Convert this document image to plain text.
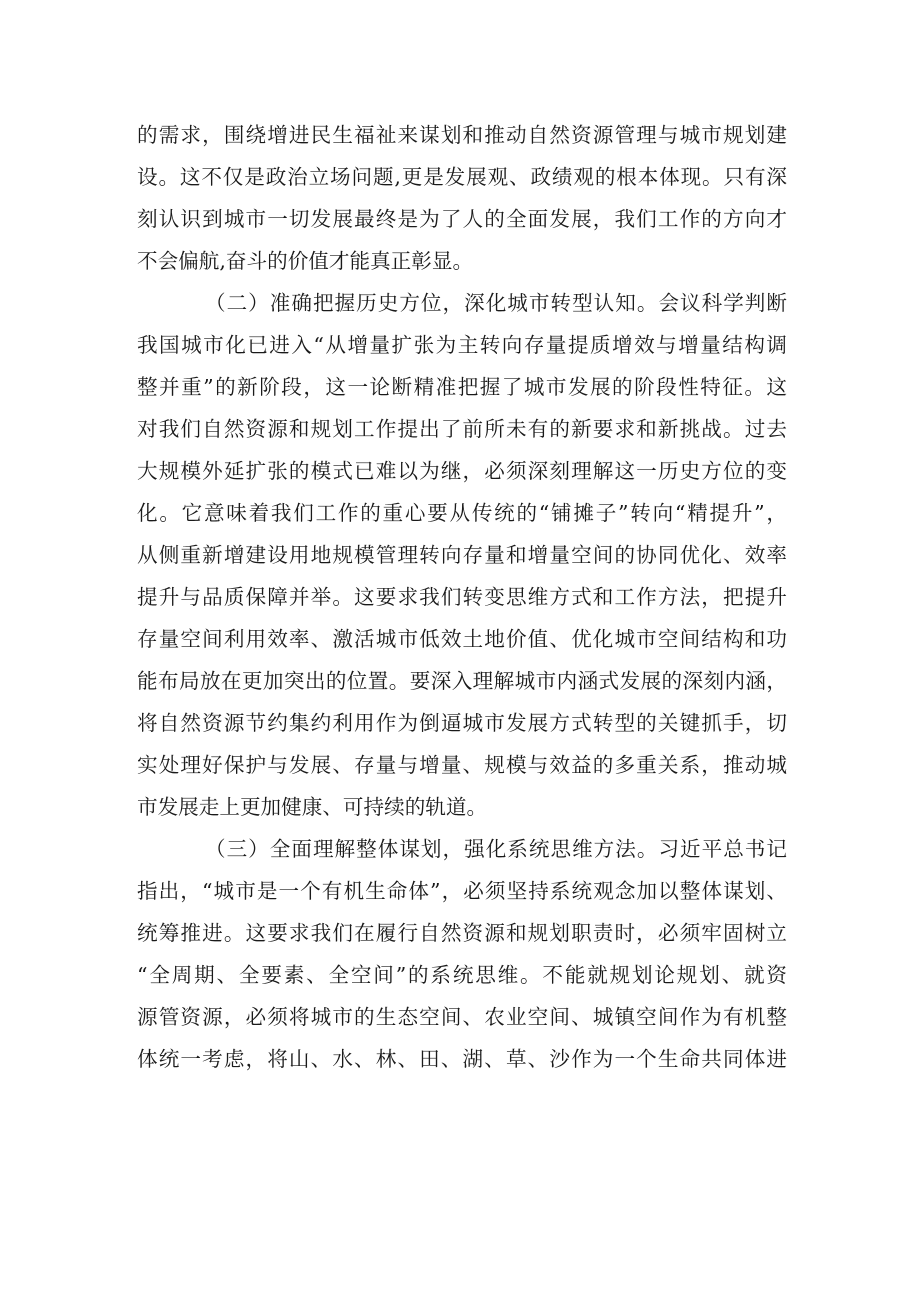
的需求，围绕增进民生福祉来谋划和推动自然资源管理与城市规划建
设。这不仅是政治立场问题,更是发展观、政绩观的根本体现。只有深
刻认识到城市一切发展最终是为了人的全面发展，我们工作的方向才
不会偏航,奋斗的价值才能真正彰显。
（二）准确把握历史方位，深化城市转型认知。会议科学判断
我国城市化已进入“从增量扩张为主转向存量提质增效与增量结构调
整并重”的新阶段，这一论断精准把握了城市发展的阶段性特征。这
对我们自然资源和规划工作提出了前所未有的新要求和新挑战。过去
大规模外延扩张的模式已难以为继，必须深刻理解这一历史方位的变
化。它意味着我们工作的重心要从传统的“铺摊子”转向“精提升”，
从侧重新增建设用地规模管理转向存量和增量空间的协同优化、效率
提升与品质保障并举。这要求我们转变思维方式和工作方法，把提升
存量空间利用效率、激活城市低效土地价值、优化城市空间结构和功
能布局放在更加突出的位置。要深入理解城市内涵式发展的深刻内涵，
将自然资源节约集约利用作为倒逼城市发展方式转型的关键抓手，切
实处理好保护与发展、存量与增量、规模与效益的多重关系，推动城
市发展走上更加健康、可持续的轨道。
（三）全面理解整体谋划，强化系统思维方法。习近平总书记
指出，“城市是一个有机生命体”，必须坚持系统观念加以整体谋划、
统筹推进。这要求我们在履行自然资源和规划职责时，必须牢固树立
“全周期、全要素、全空间”的系统思维。不能就规划论规划、就资
源管资源，必须将城市的生态空间、农业空间、城镇空间作为有机整
体统一考虑，将山、水、林、田、湖、草、沙作为一个生命共同体进
